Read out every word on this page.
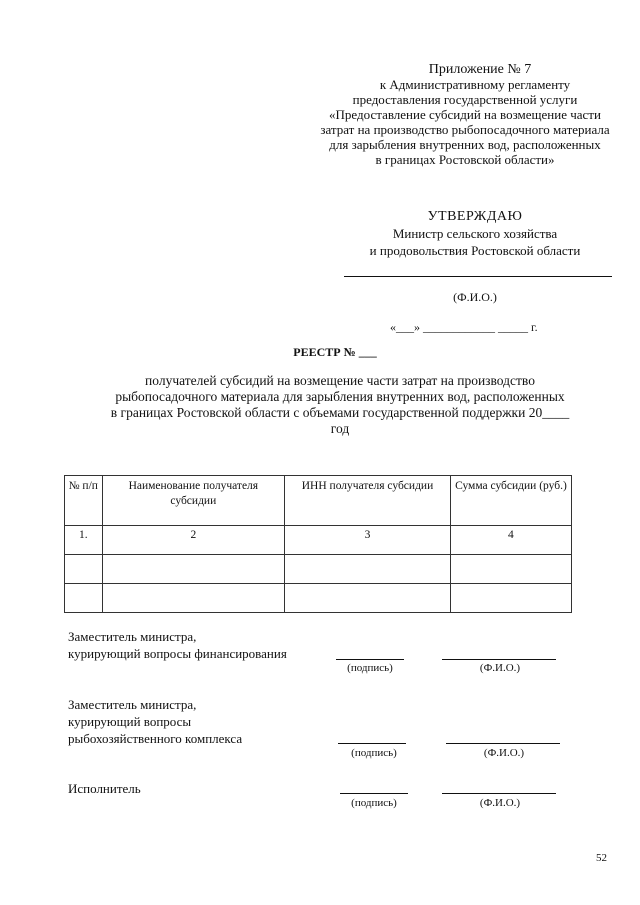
Приложение № 7
к Административному регламенту
предоставления государственной услуги
«Предоставление субсидий на возмещение части
затрат на производство рыбопосадочного материала
для зарыбления внутренних вод, расположенных
в границах Ростовской области»
УТВЕРЖДАЮ
Министр сельского хозяйства
и продовольствия Ростовской области
(Ф.И.О.)
«___» ____________ _____ г.
РЕЕСТР № ___
получателей субсидий на возмещение части затрат на производство
рыбопосадочного материала для зарыбления внутренних вод, расположенных
в границах Ростовской области с объемами государственной поддержки 20____
год
№ п/п	Наименование получателя субсидии	ИНН получателя субсидии	Сумма субсидии (руб.)
1.	2	3	4

Заместитель министра,
курирующий вопросы финансирования
(подпись)	(Ф.И.О.)
Заместитель министра,
курирующий вопросы
рыбохозяйственного комплекса
(подпись)	(Ф.И.О.)
Исполнитель
(подпись)	(Ф.И.О.)
52
